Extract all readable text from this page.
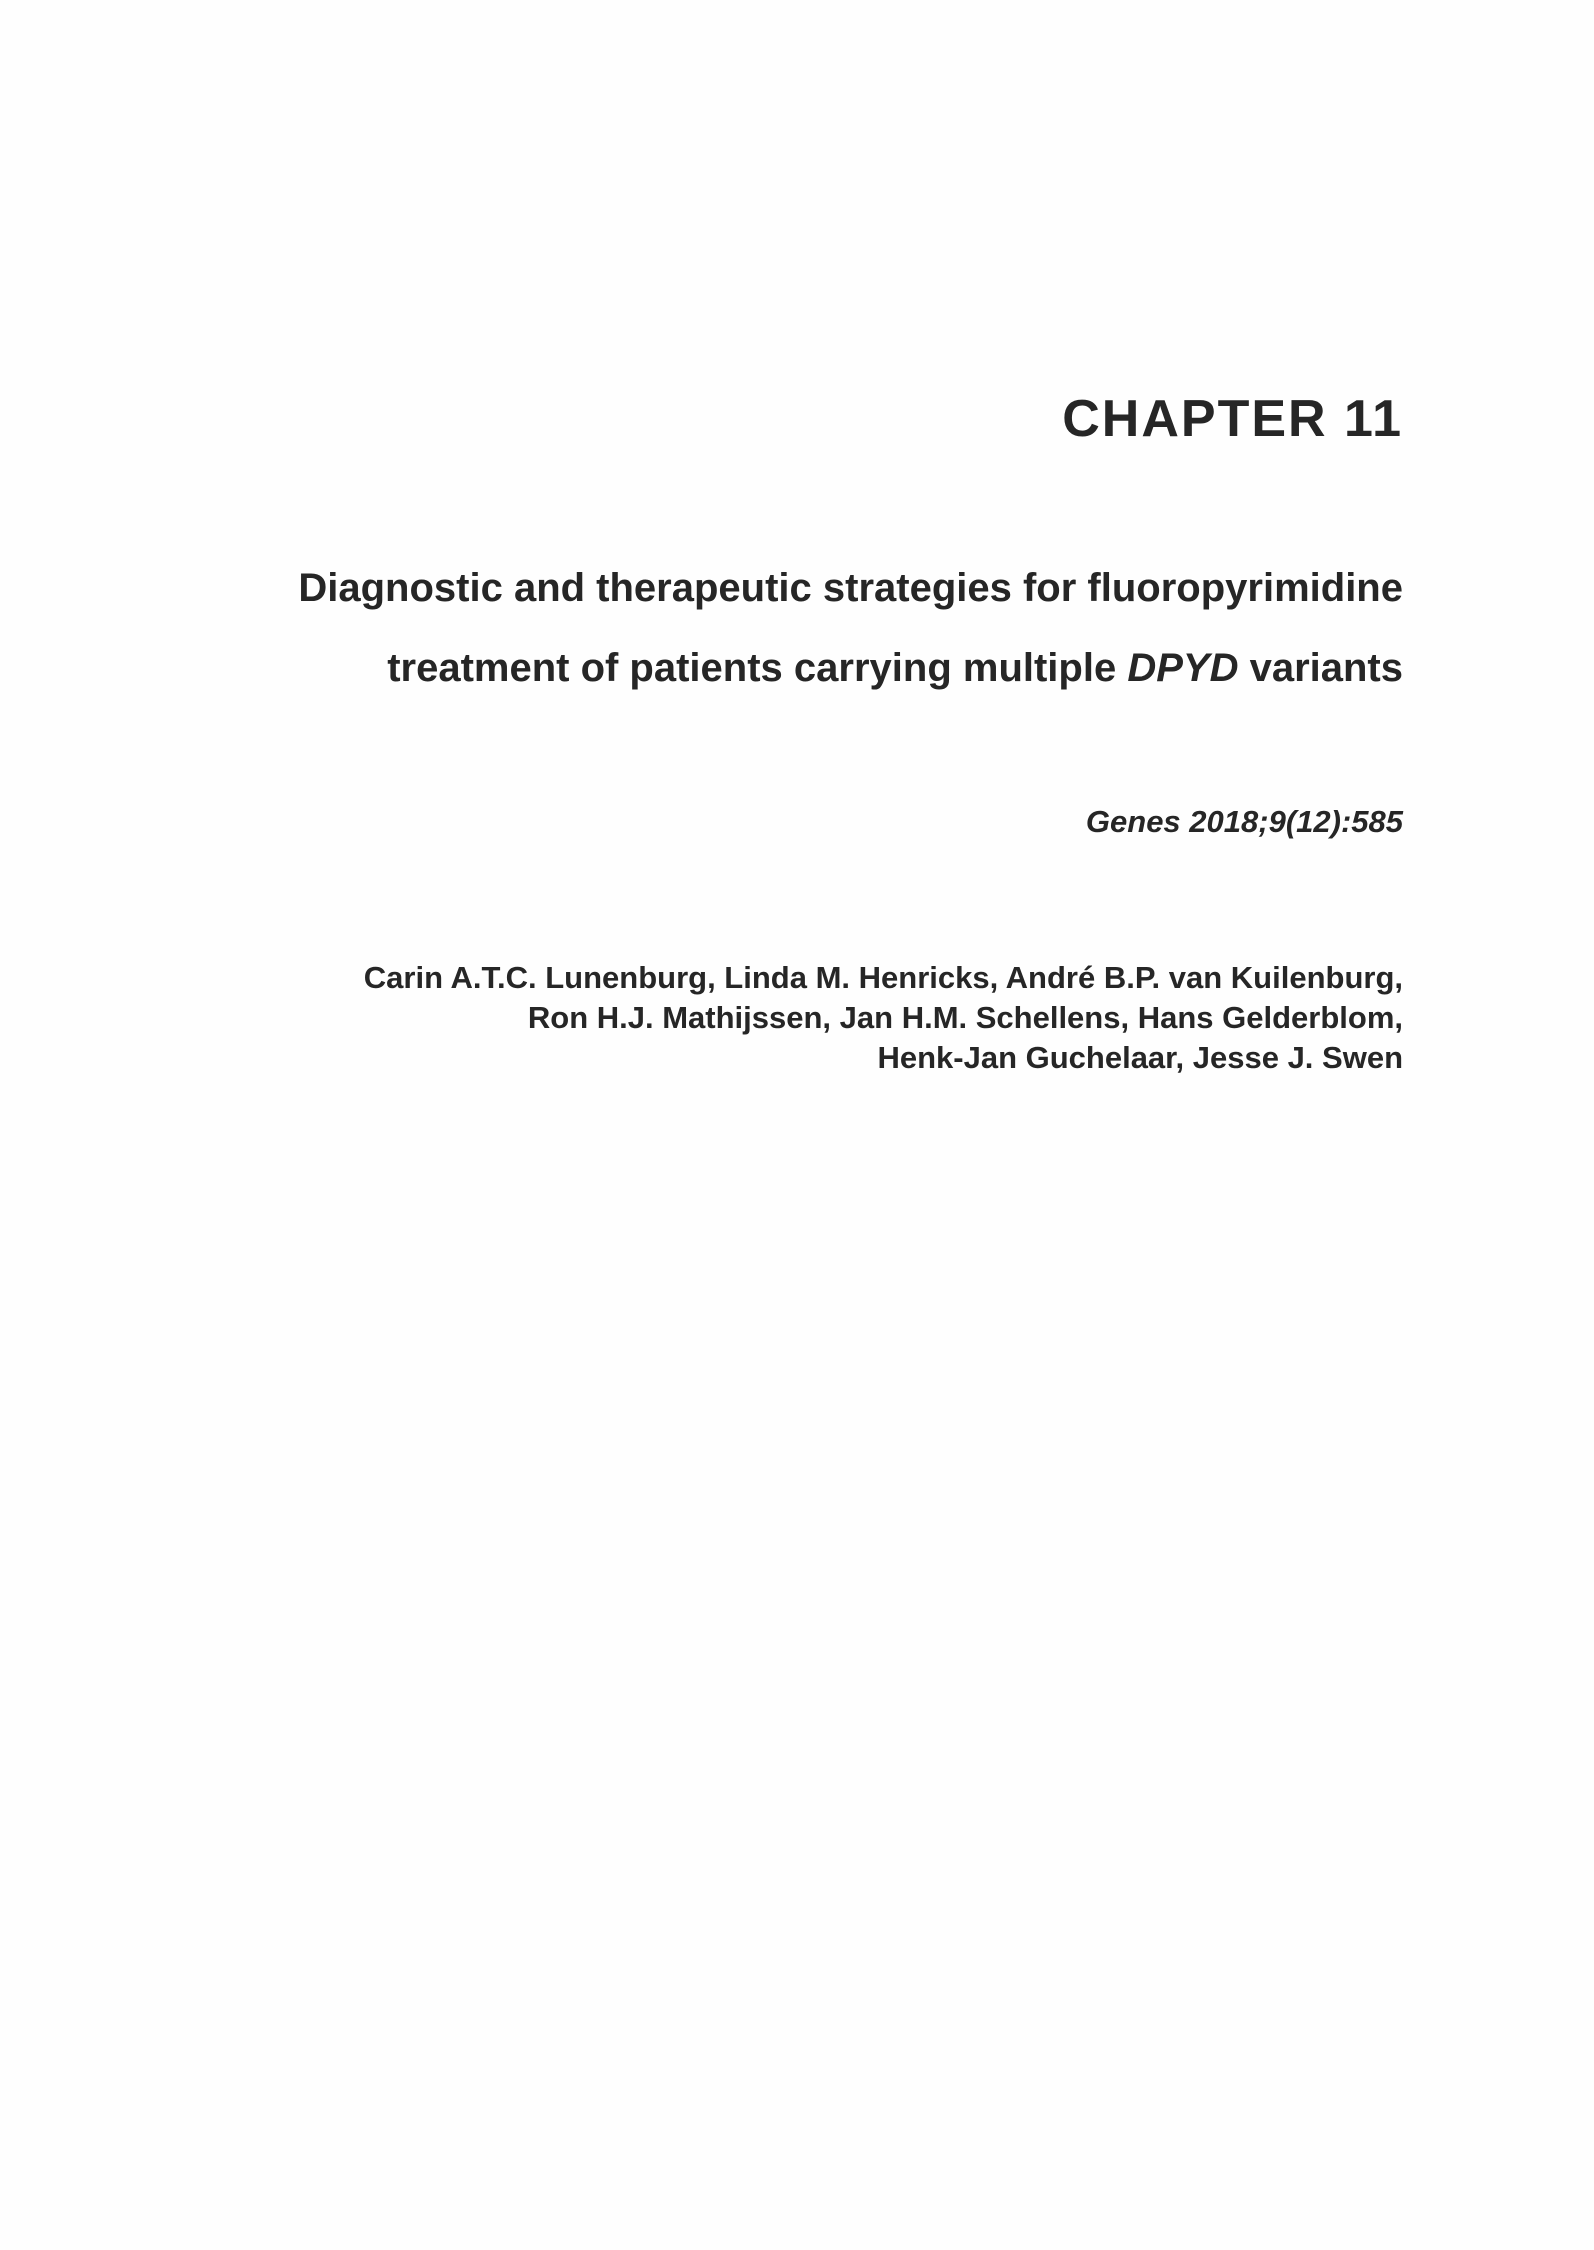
CHAPTER 11
Diagnostic and therapeutic strategies for fluoropyrimidine
treatment of patients carrying multiple DPYD variants

Genes 2018;9(12):585

Carin A.T.C. Lunenburg, Linda M. Henricks, André B.P. van Kuilenburg,
Ron H.J. Mathijssen, Jan H.M. Schellens, Hans Gelderblom,
Henk-Jan Guchelaar, Jesse J. Swen
